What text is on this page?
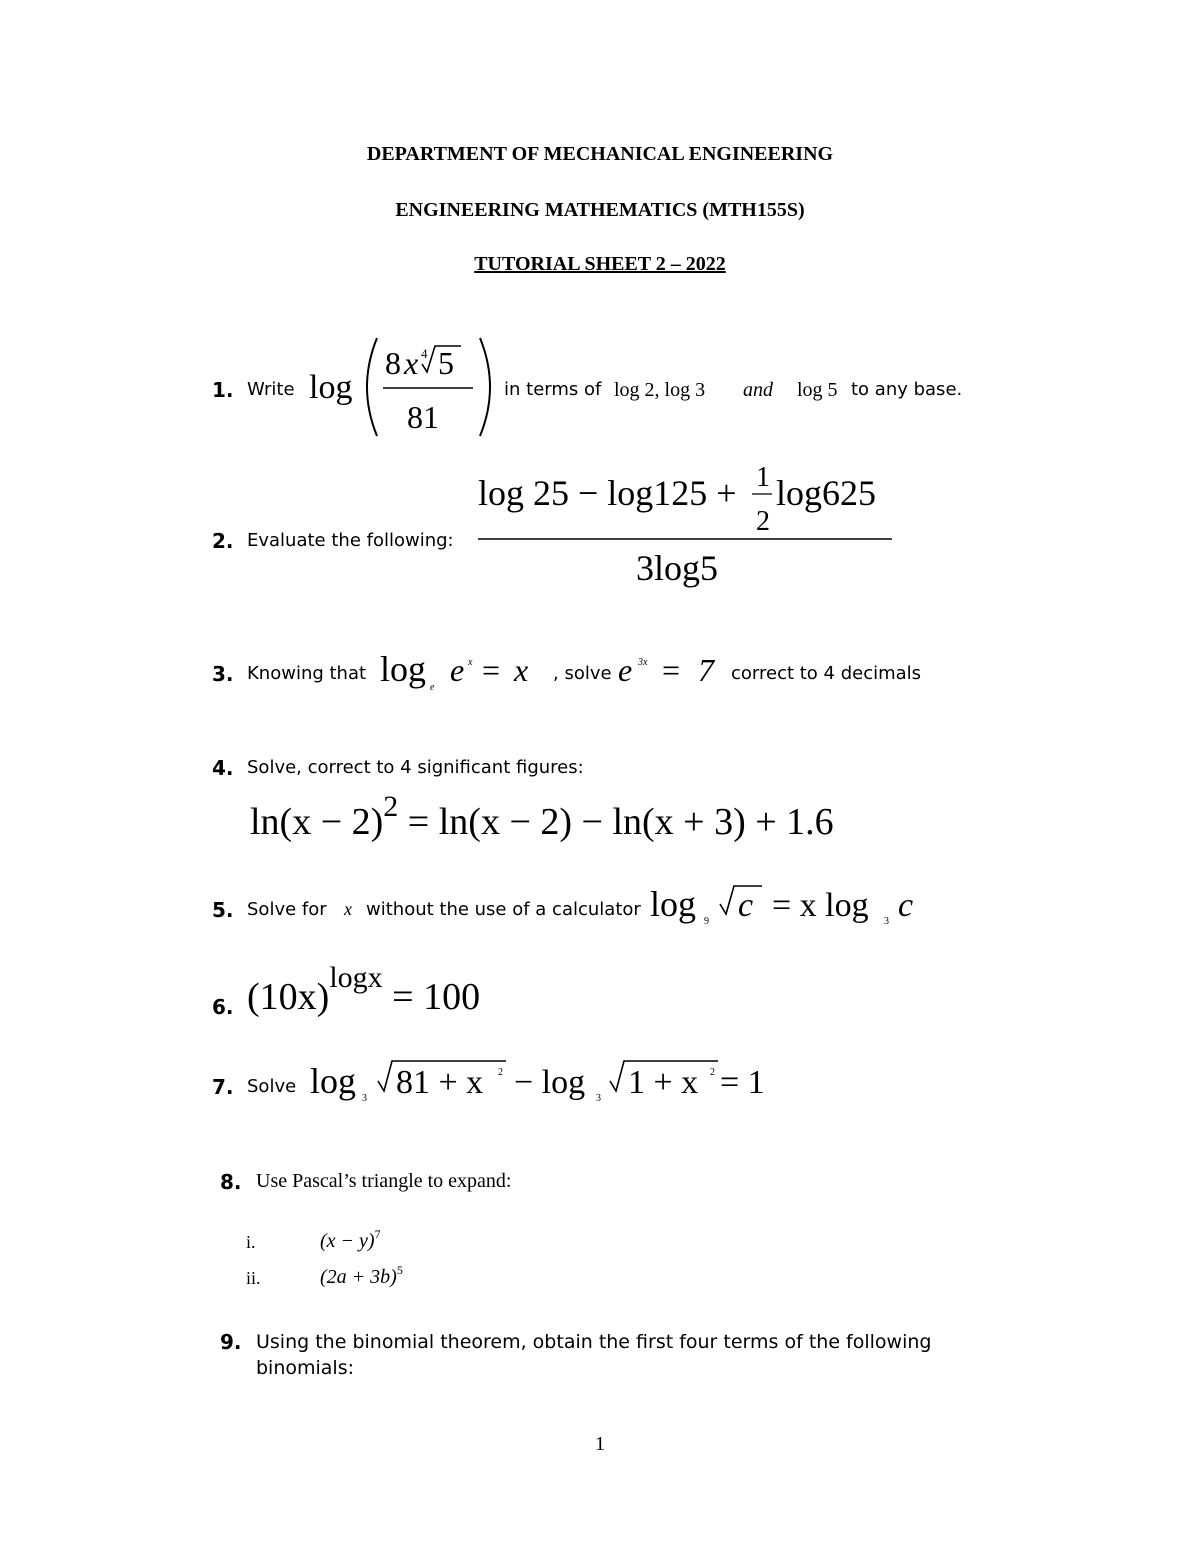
DEPARTMENT OF MECHANICAL ENGINEERING
ENGINEERING MATHEMATICS (MTH155S)
TUTORIAL SHEET 2 – 2022
1. Write log
8 x 4 5
81
in terms of log 2, log 3 and log 5 to any base.
2. Evaluate the following:
log 25 − log125 + 1
2
log625
3log5
3. Knowing that log e e x = x , solve e 3x = 7 correct to 4 decimals
4. Solve, correct to 4 significant figures:
$\ln(x - 2)^2 = \ln(x - 2) - \ln(x + 3) + 1.6$
5. Solve for x without the use of a calculator log 9 c = x log 3 c
6. $(10x)^{logx} = 100$
7. Solve log 3 81 + x 2 − log 3 1 + x 2 = 1
8. Use Pascal’s triangle to expand:
i.	$(x - y)^7$
ii.	$(2a + 3b)^5$
9. Using the binomial theorem, obtain the first four terms of the following
binomials:
1
